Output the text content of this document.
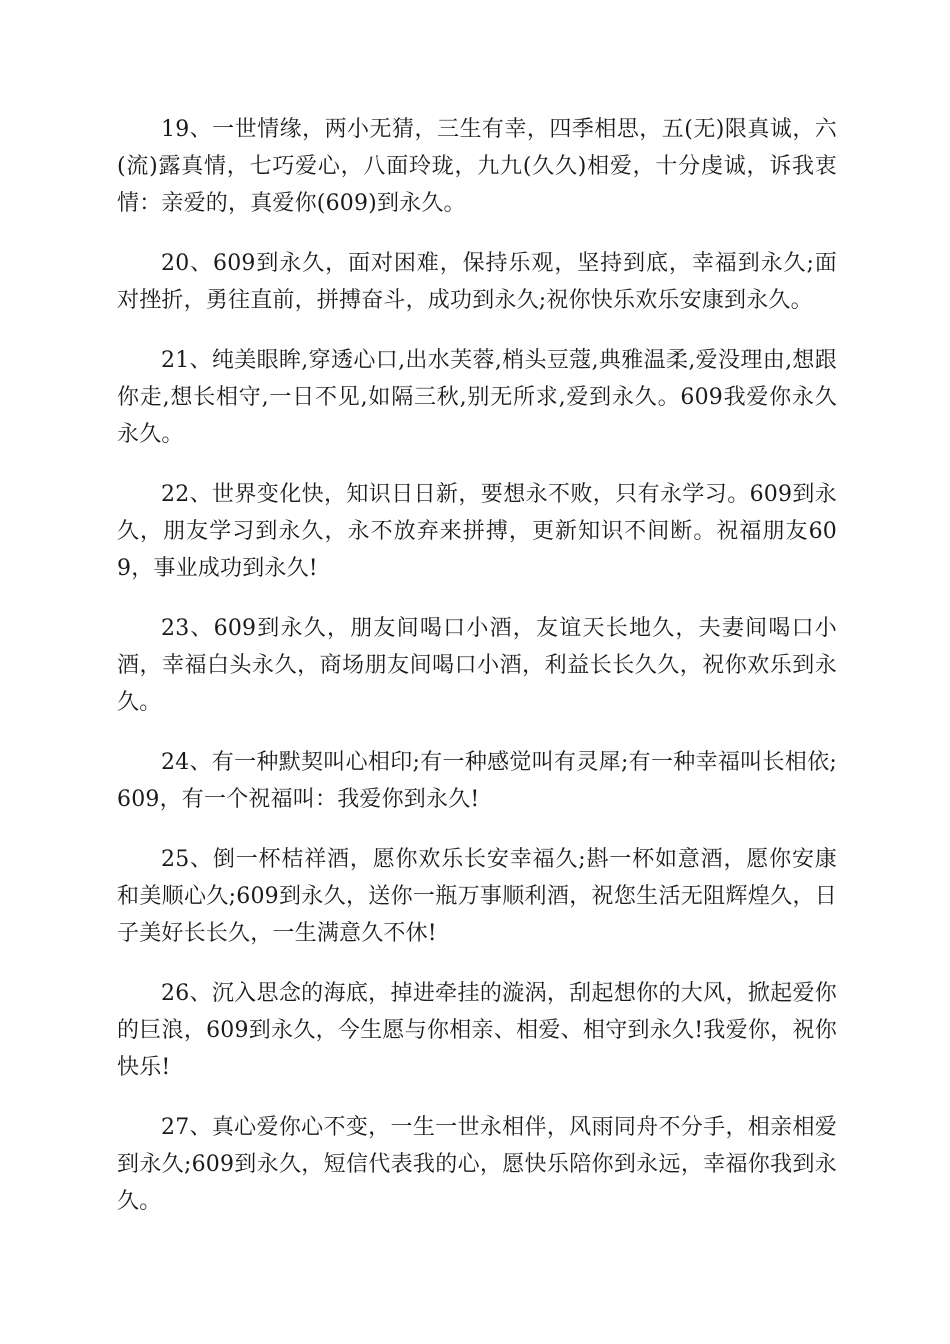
19、一世情缘，两小无猜，三生有幸，四季相思，五(无)限真诚，六(流)露真情，七巧爱心，八面玲珑，九九(久久)相爱，十分虔诚，诉我衷情：亲爱的，真爱你(609)到永久。

20、609到永久，面对困难，保持乐观，坚持到底，幸福到永久;面对挫折，勇往直前，拼搏奋斗，成功到永久;祝你快乐欢乐安康到永久。

21、纯美眼眸,穿透心口,出水芙蓉,梢头豆蔻,典雅温柔,爱没理由,想跟你走,想长相守,一日不见,如隔三秋,别无所求,爱到永久。609我爱你永久永久。

22、世界变化快，知识日日新，要想永不败，只有永学习。609到永久，朋友学习到永久，永不放弃来拼搏，更新知识不间断。祝福朋友609，事业成功到永久!

23、609到永久，朋友间喝口小酒，友谊天长地久，夫妻间喝口小酒，幸福白头永久，商场朋友间喝口小酒，利益长长久久，祝你欢乐到永久。

24、有一种默契叫心相印;有一种感觉叫有灵犀;有一种幸福叫长相依;609，有一个祝福叫：我爱你到永久!

25、倒一杯桔祥酒，愿你欢乐长安幸福久;斟一杯如意酒，愿你安康和美顺心久;609到永久，送你一瓶万事顺利酒，祝您生活无阻辉煌久，日子美好长长久，一生满意久不休!

26、沉入思念的海底，掉进牵挂的漩涡，刮起想你的大风，掀起爱你的巨浪，609到永久，今生愿与你相亲、相爱、相守到永久!我爱你，祝你快乐!

27、真心爱你心不变，一生一世永相伴，风雨同舟不分手，相亲相爱到永久;609到永久，短信代表我的心，愿快乐陪你到永远，幸福你我到永久。
